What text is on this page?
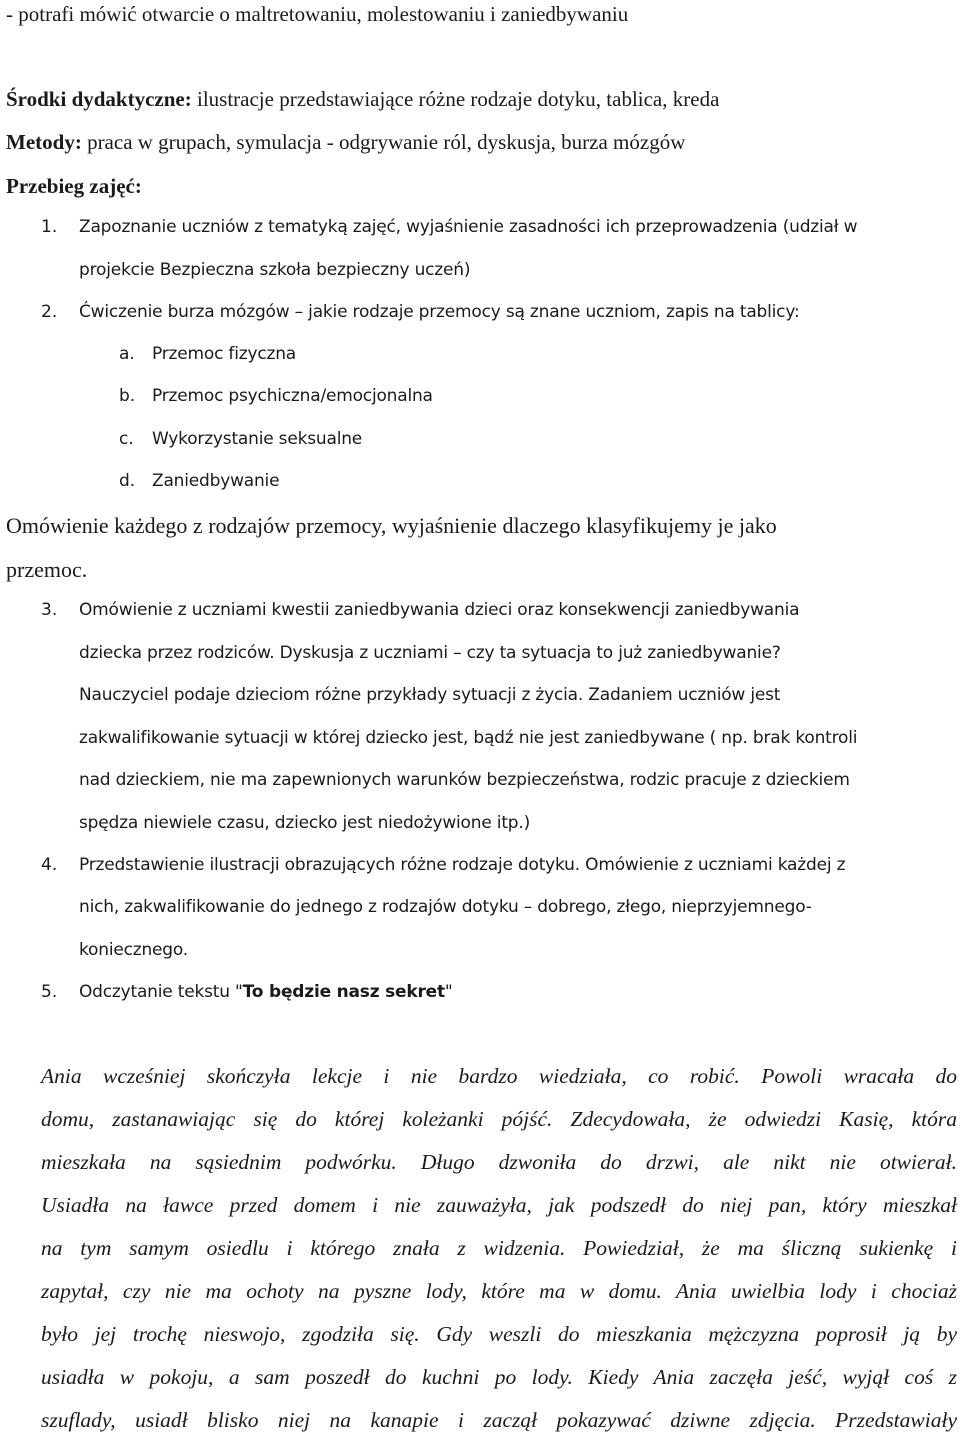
- potrafi mówić otwarcie o maltretowaniu, molestowaniu i zaniedbywaniu
Środki dydaktyczne: ilustracje przedstawiające różne rodzaje dotyku, tablica, kreda
Metody: praca w grupach, symulacja - odgrywanie ról, dyskusja, burza mózgów
Przebieg zajęć:
1. Zapoznanie uczniów z tematyką zajęć, wyjaśnienie zasadności ich przeprowadzenia (udział w
projekcie Bezpieczna szkoła bezpieczny uczeń)
2. Ćwiczenie burza mózgów – jakie rodzaje przemocy są znane uczniom, zapis na tablicy:
a. Przemoc fizyczna
b. Przemoc psychiczna/emocjonalna
c. Wykorzystanie seksualne
d. Zaniedbywanie
Omówienie każdego z rodzajów przemocy, wyjaśnienie dlaczego klasyfikujemy je jako
przemoc.
3. Omówienie z uczniami kwestii zaniedbywania dzieci oraz konsekwencji zaniedbywania
dziecka przez rodziców. Dyskusja z uczniami – czy ta sytuacja to już zaniedbywanie?
Nauczyciel podaje dzieciom różne przykłady sytuacji z życia. Zadaniem uczniów jest
zakwalifikowanie sytuacji w której dziecko jest, bądź nie jest zaniedbywane ( np. brak kontroli
nad dzieckiem, nie ma zapewnionych warunków bezpieczeństwa, rodzic pracuje z dzieckiem
spędza niewiele czasu, dziecko jest niedożywione itp.)
4. Przedstawienie ilustracji obrazujących różne rodzaje dotyku. Omówienie z uczniami każdej z
nich, zakwalifikowanie do jednego z rodzajów dotyku – dobrego, złego, nieprzyjemnego-
koniecznego.
5. Odczytanie tekstu "To będzie nasz sekret"
Ania wcześniej skończyła lekcje i nie bardzo wiedziała, co robić. Powoli wracała do
domu, zastanawiając się do której koleżanki pójść. Zdecydowała, że odwiedzi Kasię, która
mieszkała na sąsiednim podwórku. Długo dzwoniła do drzwi, ale nikt nie otwierał.
Usiadła na ławce przed domem i nie zauważyła, jak podszedł do niej pan, który mieszkał
na tym samym osiedlu i którego znała z widzenia. Powiedział, że ma śliczną sukienkę i
zapytał, czy nie ma ochoty na pyszne lody, które ma w domu. Ania uwielbia lody i chociaż
było jej trochę nieswojo, zgodziła się. Gdy weszli do mieszkania mężczyzna poprosił ją by
usiadła w pokoju, a sam poszedł do kuchni po lody. Kiedy Ania zaczęła jeść, wyjął coś z
szuflady, usiadł blisko niej na kanapie i zaczął pokazywać dziwne zdjęcia. Przedstawiały
